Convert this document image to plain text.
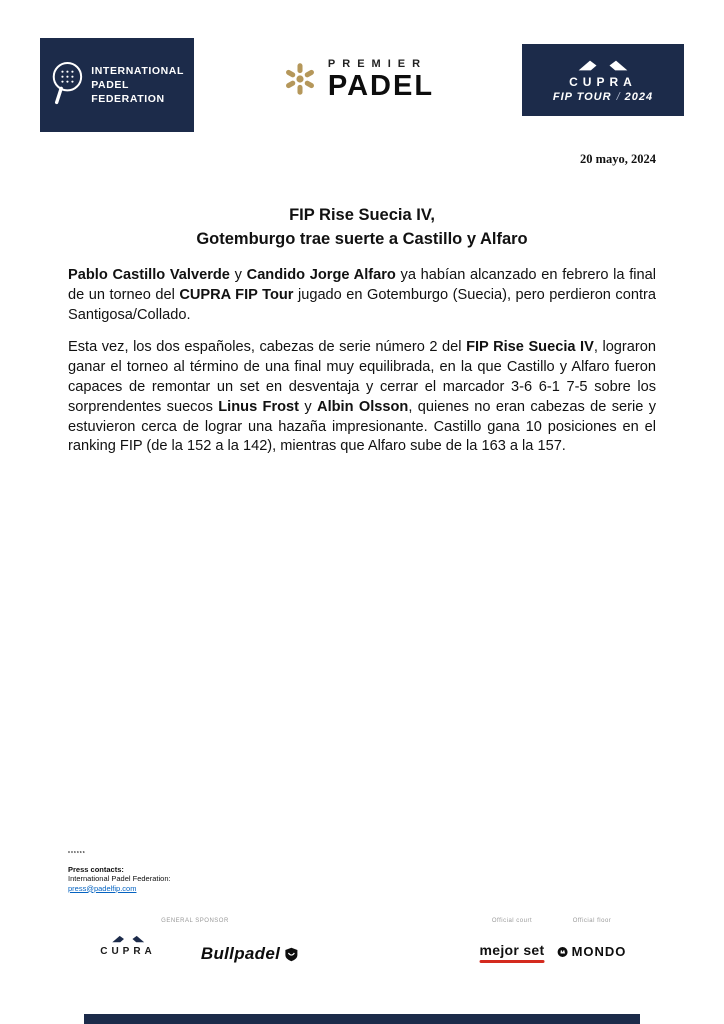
INTERNATIONAL
PADEL
FEDERATION
PREMIER
PADEL	CUPRA
FIP TOUR / 2024
20 mayo, 2024
FIP Rise Suecia IV,
Gotemburgo trae suerte a Castillo y Alfaro

Pablo Castillo Valverde y Candido Jorge Alfaro ya habían alcanzado en febrero la final de un torneo del CUPRA FIP Tour jugado en Gotemburgo (Suecia), pero perdieron contra Santigosa/Collado.

Esta vez, los dos españoles, cabezas de serie número 2 del FIP Rise Suecia IV, lograron ganar el torneo al término de una final muy equilibrada, en la que Castillo y Alfaro fueron capaces de remontar un set en desventaja y cerrar el marcador 3-6 6-1 7-5 sobre los sorprendentes suecos Linus Frost y Albin Olsson, quienes no eran cabezas de serie y estuvieron cerca de lograr una hazaña impresionante. Castillo gana 10 posiciones en el ranking FIP (de la 152 a la 142), mientras que Alfaro sube de la 163 a la 157.

******
Press contacts:
International Padel Federation:
press@padelfip.com
GENERAL SPONSOR	Official court	Official floor
CUPRA	Bullpadel	mejor set MONDO
